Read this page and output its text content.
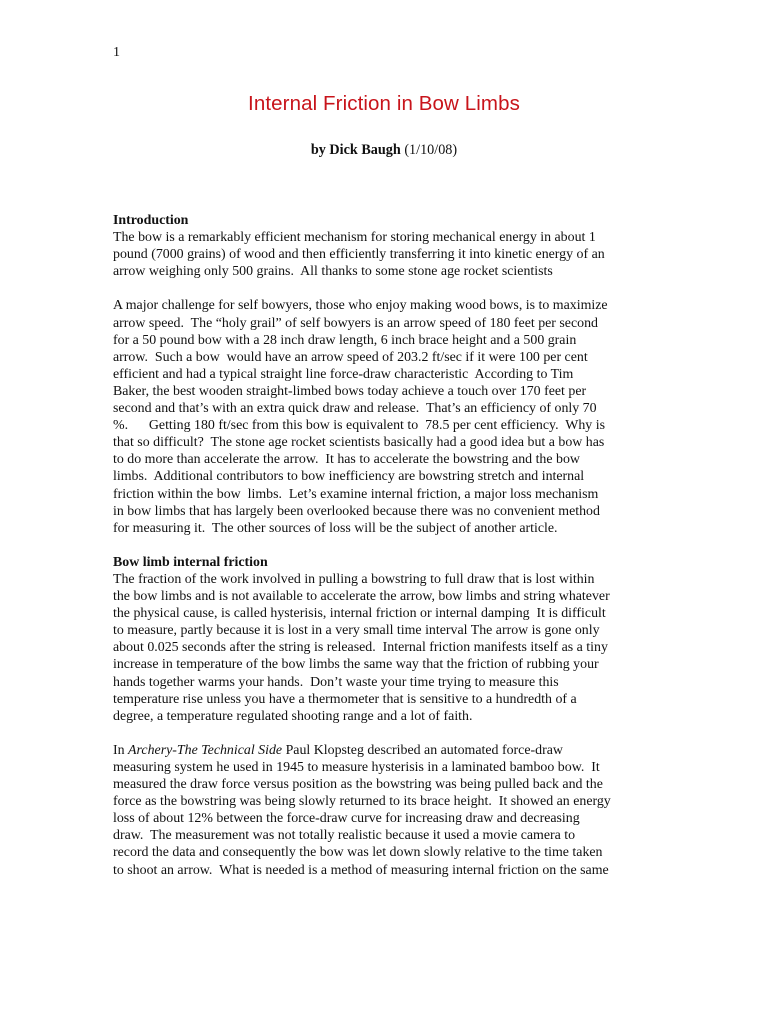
1
Internal Friction in Bow Limbs
by Dick Baugh (1/10/08)
Introduction
The bow is a remarkably efficient mechanism for storing mechanical energy in about 1
pound (7000 grains) of wood and then efficiently transferring it into kinetic energy of an
arrow weighing only 500 grains.  All thanks to some stone age rocket scientists
A major challenge for self bowyers, those who enjoy making wood bows, is to maximize
arrow speed.  The “holy grail” of self bowyers is an arrow speed of 180 feet per second
for a 50 pound bow with a 28 inch draw length, 6 inch brace height and a 500 grain
arrow.  Such a bow  would have an arrow speed of 203.2 ft/sec if it were 100 per cent
efficient and had a typical straight line force-draw characteristic  According to Tim
Baker, the best wooden straight-limbed bows today achieve a touch over 170 feet per
second and that’s with an extra quick draw and release.  That’s an efficiency of only 70
%.      Getting 180 ft/sec from this bow is equivalent to  78.5 per cent efficiency.  Why is
that so difficult?  The stone age rocket scientists basically had a good idea but a bow has
to do more than accelerate the arrow.  It has to accelerate the bowstring and the bow
limbs.  Additional contributors to bow inefficiency are bowstring stretch and internal
friction within the bow  limbs.  Let’s examine internal friction, a major loss mechanism
in bow limbs that has largely been overlooked because there was no convenient method
for measuring it.  The other sources of loss will be the subject of another article.
Bow limb internal friction
The fraction of the work involved in pulling a bowstring to full draw that is lost within
the bow limbs and is not available to accelerate the arrow, bow limbs and string whatever
the physical cause, is called hysterisis, internal friction or internal damping  It is difficult
to measure, partly because it is lost in a very small time interval The arrow is gone only
about 0.025 seconds after the string is released.  Internal friction manifests itself as a tiny
increase in temperature of the bow limbs the same way that the friction of rubbing your
hands together warms your hands.  Don’t waste your time trying to measure this
temperature rise unless you have a thermometer that is sensitive to a hundredth of a
degree, a temperature regulated shooting range and a lot of faith.
In Archery-The Technical Side Paul Klopsteg described an automated force-draw
measuring system he used in 1945 to measure hysterisis in a laminated bamboo bow.  It
measured the draw force versus position as the bowstring was being pulled back and the
force as the bowstring was being slowly returned to its brace height.  It showed an energy
loss of about 12% between the force-draw curve for increasing draw and decreasing
draw.  The measurement was not totally realistic because it used a movie camera to
record the data and consequently the bow was let down slowly relative to the time taken
to shoot an arrow.  What is needed is a method of measuring internal friction on the same
